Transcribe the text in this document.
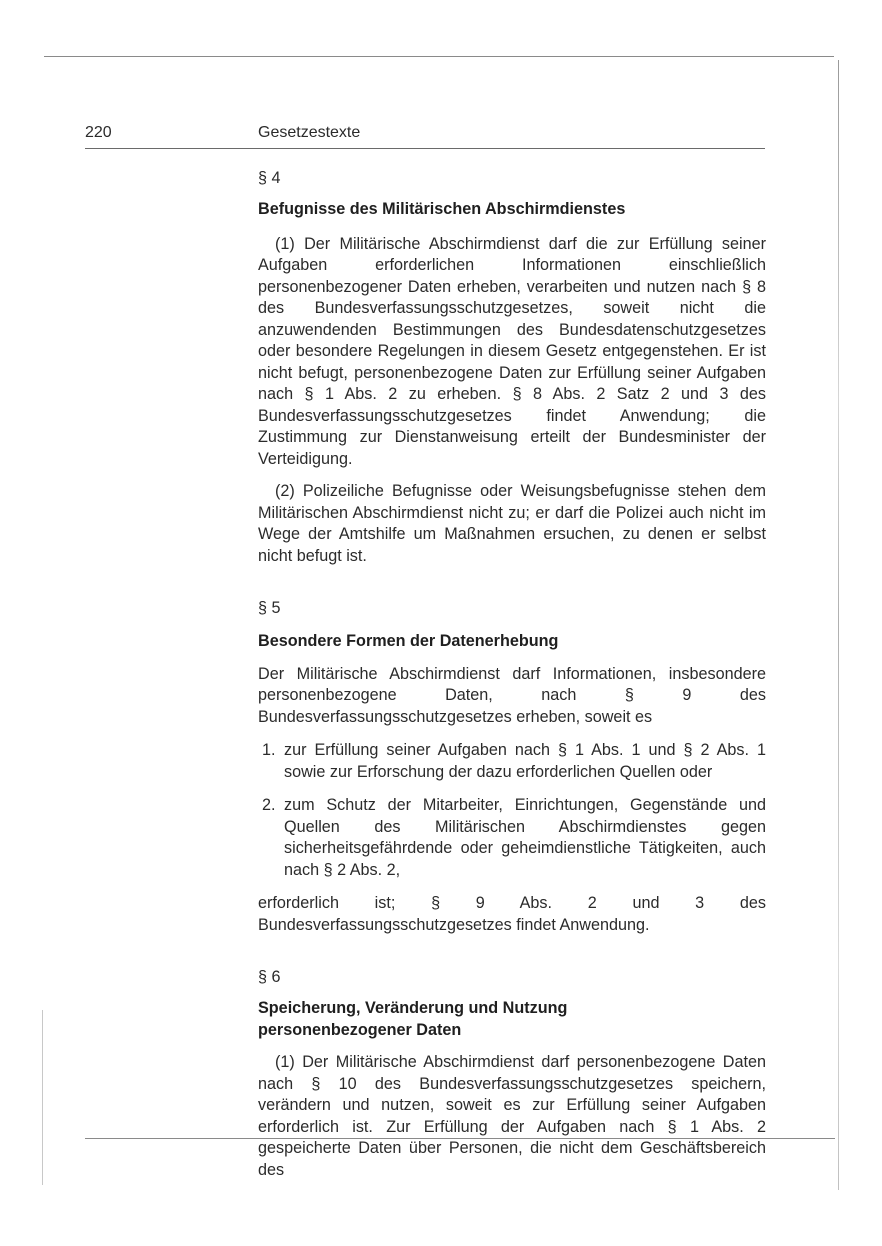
220	Gesetzestexte

§ 4

Befugnisse des Militärischen Abschirmdienstes

(1) Der Militärische Abschirmdienst darf die zur Erfüllung seiner Aufgaben erforderlichen Informationen einschließlich personenbezogener Daten erheben, verarbeiten und nutzen nach § 8 des Bundesverfassungsschutzgesetzes, soweit nicht die anzuwendenden Bestimmungen des Bundesdatenschutzgesetzes oder besondere Regelungen in diesem Gesetz entgegenstehen. Er ist nicht befugt, personenbezogene Daten zur Erfüllung seiner Aufgaben nach § 1 Abs. 2 zu erheben. § 8 Abs. 2 Satz 2 und 3 des Bundesverfassungsschutzgesetzes findet Anwendung; die Zustimmung zur Dienstanweisung erteilt der Bundesminister der Verteidigung.

(2) Polizeiliche Befugnisse oder Weisungsbefugnisse stehen dem Militärischen Abschirmdienst nicht zu; er darf die Polizei auch nicht im Wege der Amtshilfe um Maßnahmen ersuchen, zu denen er selbst nicht befugt ist.

§ 5

Besondere Formen der Datenerhebung

Der Militärische Abschirmdienst darf Informationen, insbesondere personenbezogene Daten, nach § 9 des Bundesverfassungsschutzgesetzes erheben, soweit es

1. zur Erfüllung seiner Aufgaben nach § 1 Abs. 1 und § 2 Abs. 1 sowie zur Erforschung der dazu erforderlichen Quellen oder
2. zum Schutz der Mitarbeiter, Einrichtungen, Gegenstände und Quellen des Militärischen Abschirmdienstes gegen sicherheitsgefährdende oder geheimdienstliche Tätigkeiten, auch nach § 2 Abs. 2,

erforderlich ist; § 9 Abs. 2 und 3 des Bundesverfassungsschutzgesetzes findet Anwendung.

§ 6

Speicherung, Veränderung und Nutzung
personenbezogener Daten

(1) Der Militärische Abschirmdienst darf personenbezogene Daten nach § 10 des Bundesverfassungsschutzgesetzes speichern, verändern und nutzen, soweit es zur Erfüllung seiner Aufgaben erforderlich ist. Zur Erfüllung der Aufgaben nach § 1 Abs. 2 gespeicherte Daten über Personen, die nicht dem Geschäftsbereich des
